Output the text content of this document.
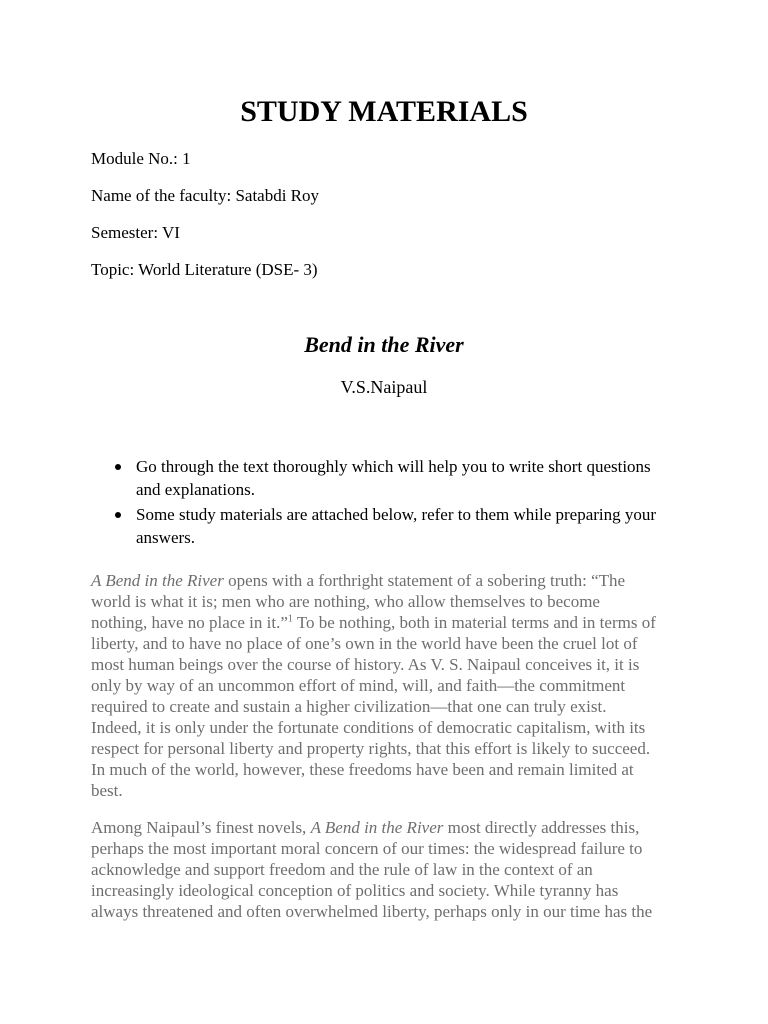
STUDY MATERIALS

Module No.: 1

Name of the faculty: Satabdi Roy

Semester: VI

Topic: World Literature (DSE- 3)

Bend in the River

V.S.Naipaul

Go through the text thoroughly which will help you to write short questions
and explanations.
Some study materials are attached below, refer to them while preparing your
answers.

A Bend in the River opens with a forthright statement of a sobering truth: “The
world is what it is; men who are nothing, who allow themselves to become
nothing, have no place in it.”$^1$ To be nothing, both in material terms and in terms of
liberty, and to have no place of one’s own in the world have been the cruel lot of
most human beings over the course of history. As V. S. Naipaul conceives it, it is
only by way of an uncommon effort of mind, will, and faith—the commitment
required to create and sustain a higher civilization—that one can truly exist.
Indeed, it is only under the fortunate conditions of democratic capitalism, with its
respect for personal liberty and property rights, that this effort is likely to succeed.
In much of the world, however, these freedoms have been and remain limited at
best.

Among Naipaul’s finest novels, A Bend in the River most directly addresses this,
perhaps the most important moral concern of our times: the widespread failure to
acknowledge and support freedom and the rule of law in the context of an
increasingly ideological conception of politics and society. While tyranny has
always threatened and often overwhelmed liberty, perhaps only in our time has the
